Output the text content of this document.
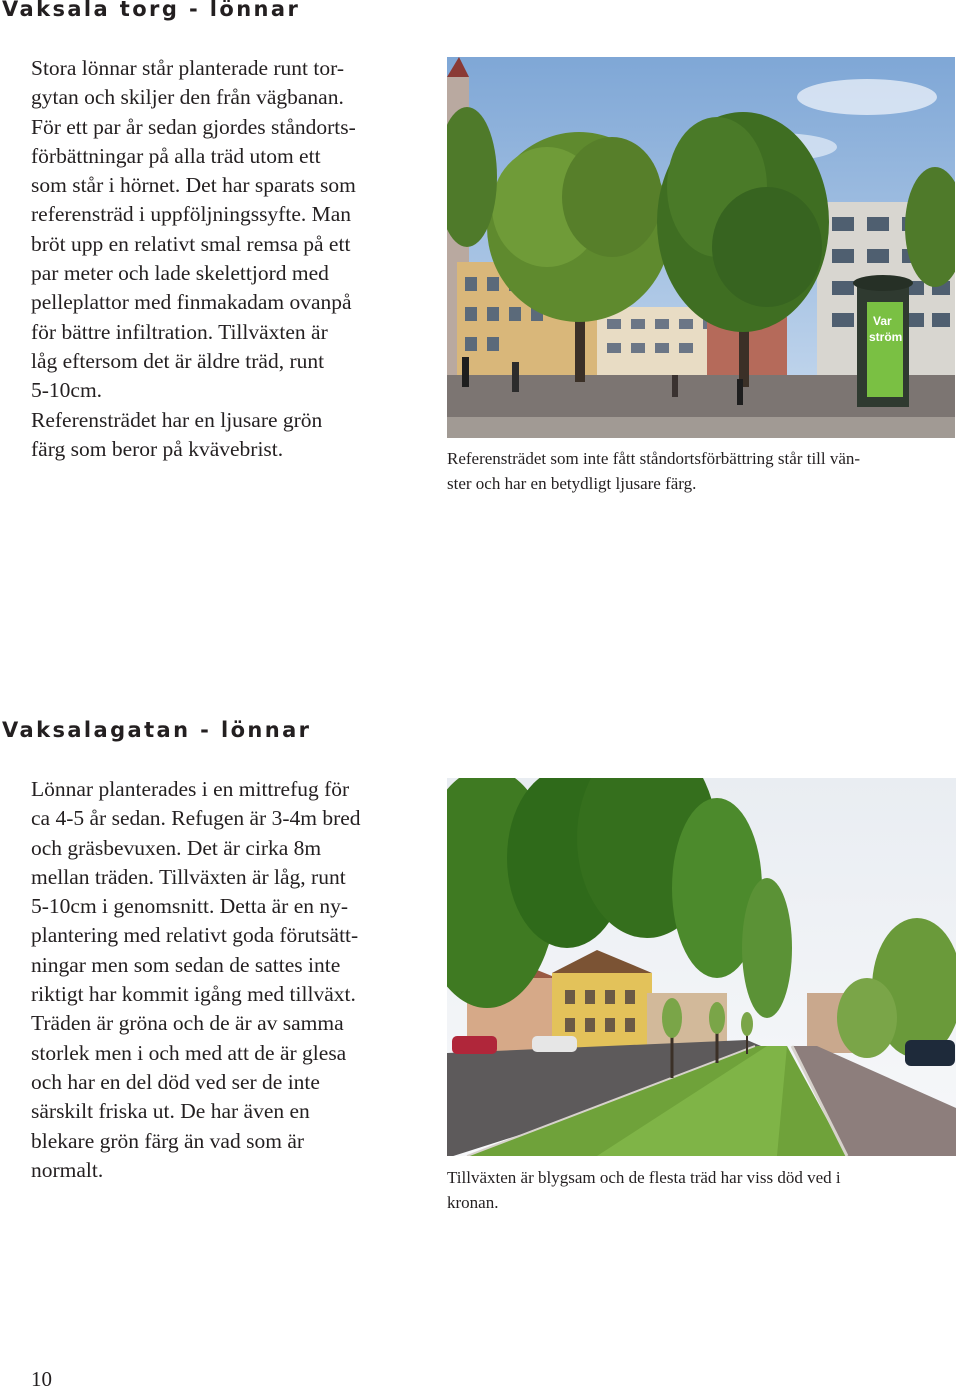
Vaksala torg - lönnar
Stora lönnar står planterade runt tor-
gytan och skiljer den från vägbanan.
För ett par år sedan gjordes ståndorts-
förbättningar på alla träd utom ett
som står i hörnet. Det har sparats som
referensträd i uppföljningssyfte. Man
bröt upp en relativt smal remsa på ett
par meter och lade skelettjord med
pelleplattor med finmakadam ovanpå
för bättre infiltration. Tillväxten är
låg eftersom det är äldre träd, runt
5-10cm.
Referensträdet har en ljusare grön
färg som beror på kvävebrist.
Var
ström
Referensträdet som inte fått ståndortsförbättring står till vän-
ster och har en betydligt ljusare färg.
Vaksalagatan - lönnar
Lönnar planterades i en mittrefug för
ca 4-5 år sedan. Refugen är 3-4m bred
och gräsbevuxen. Det är cirka 8m
mellan träden. Tillväxten är låg, runt
5-10cm i genomsnitt. Detta är en ny-
plantering med relativt goda förutsätt-
ningar men som sedan de sattes inte
riktigt har kommit igång med tillväxt.
Träden är gröna och de är av samma
storlek men i och med att de är glesa
och har en del död ved ser de inte
särskilt friska ut. De har även en
blekare grön färg än vad som är
normalt.	Tillväxten är blygsam och de flesta träd har viss död ved i
kronan.
10
